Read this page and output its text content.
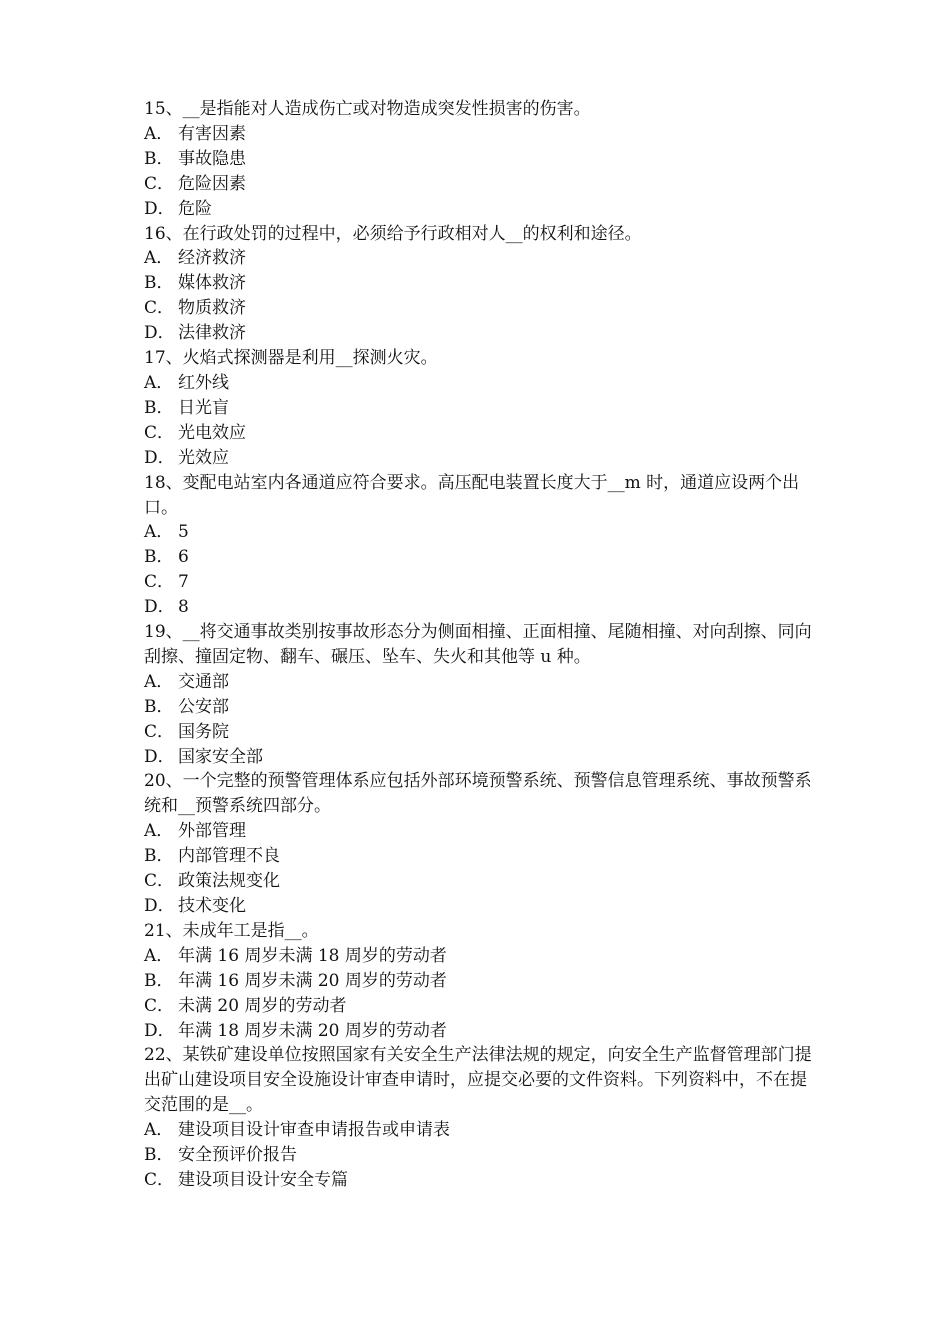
15、__是指能对人造成伤亡或对物造成突发性损害的伤害。
A． 有害因素
B． 事故隐患
C． 危险因素
D． 危险
16、在行政处罚的过程中，必须给予行政相对人__的权利和途径。
A． 经济救济
B． 媒体救济
C． 物质救济
D． 法律救济
17、火焰式探测器是利用__探测火灾。
A． 红外线
B． 日光盲
C． 光电效应
D． 光效应
18、变配电站室内各通道应符合要求。高压配电装置长度大于__m 时，通道应设两个出口。
A． 5
B． 6
C． 7
D． 8
19、__将交通事故类别按事故形态分为侧面相撞、正面相撞、尾随相撞、对向刮擦、同向刮擦、撞固定物、翻车、碾压、坠车、失火和其他等 u 种。
A． 交通部
B． 公安部
C． 国务院
D． 国家安全部
20、一个完整的预警管理体系应包括外部环境预警系统、预警信息管理系统、事故预警系统和__预警系统四部分。
A． 外部管理
B． 内部管理不良
C． 政策法规变化
D． 技术变化
21、未成年工是指__。
A． 年满 16 周岁未满 18 周岁的劳动者
B． 年满 16 周岁未满 20 周岁的劳动者
C． 未满 20 周岁的劳动者
D． 年满 18 周岁未满 20 周岁的劳动者
22、某铁矿建设单位按照国家有关安全生产法律法规的规定，向安全生产监督管理部门提出矿山建设项目安全设施设计审查申请时，应提交必要的文件资料。下列资料中，不在提交范围的是__。
A． 建设项目设计审查申请报告或申请表
B． 安全预评价报告
C． 建设项目设计安全专篇
